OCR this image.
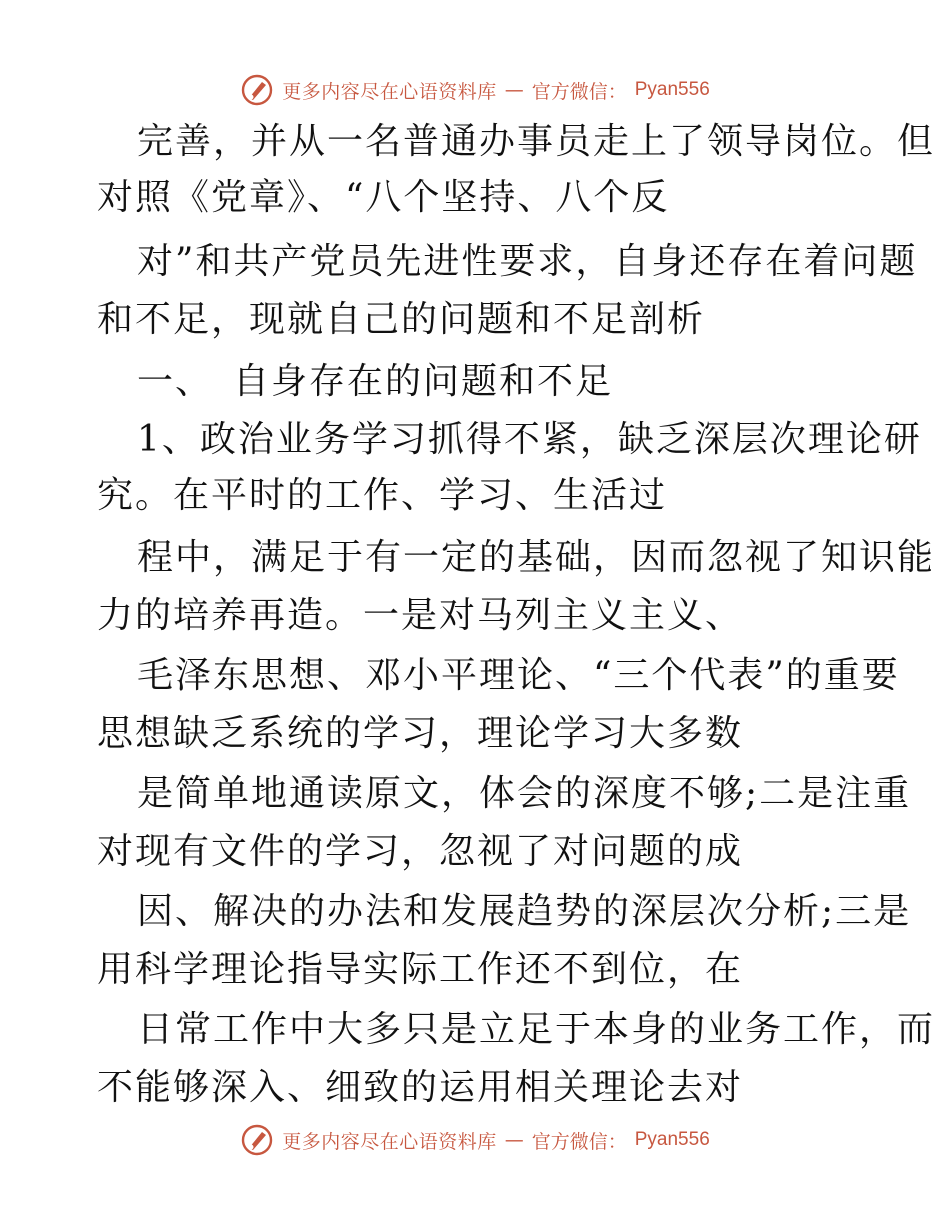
更多内容尽在心语资料库 — 官方微信： Pyan556
完善，并从一名普通办事员走上了领导岗位。但
对照《党章》、“八个坚持、八个反
对”和共产党员先进性要求，自身还存在着问题
和不足，现就自己的问题和不足剖析
一、　自身存在的问题和不足
1、政治业务学习抓得不紧，缺乏深层次理论研
究。在平时的工作、学习、生活过
程中，满足于有一定的基础，因而忽视了知识能
力的培养再造。一是对马列主义主义、
毛泽东思想、邓小平理论、“三个代表”的重要
思想缺乏系统的学习，理论学习大多数
是简单地通读原文，体会的深度不够;二是注重
对现有文件的学习，忽视了对问题的成
因、解决的办法和发展趋势的深层次分析;三是
用科学理论指导实际工作还不到位，在
日常工作中大多只是立足于本身的业务工作，而
不能够深入、细致的运用相关理论去对
更多内容尽在心语资料库 — 官方微信： Pyan556
